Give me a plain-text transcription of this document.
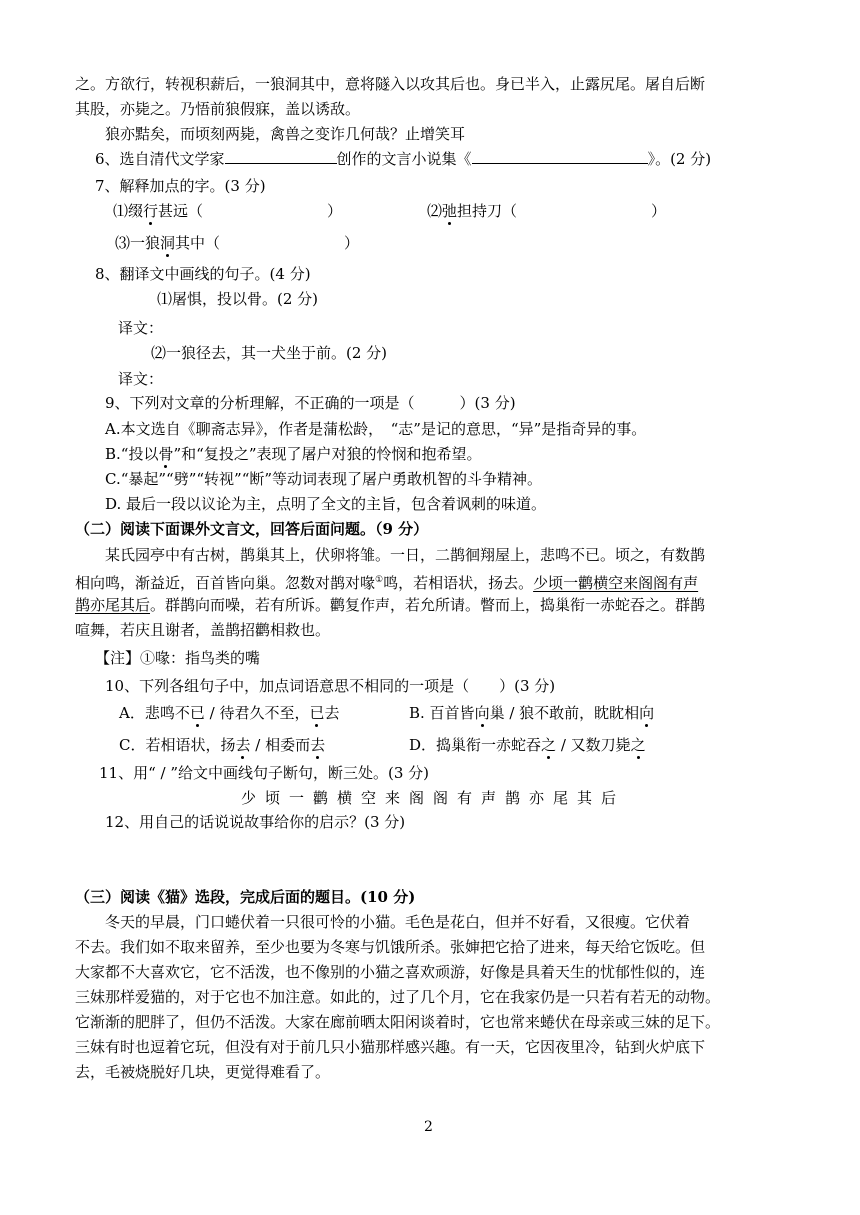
之。方欲行，转视积薪后，一狼洞其中，意将隧入以攻其后也。身已半入，止露尻尾。屠自后断
其股，亦毙之。乃悟前狼假寐，盖以诱敌。
狼亦黠矣，而顷刻两毙，禽兽之变诈几何哉？止增笑耳
6、选自清代文学家	创作的文言小说集《	》。(2 分)
7、解释加点的字。(3 分)
⑴缀行甚远（	）	⑵弛担持刀（	）
⑶一狼洞其中（	）
8、翻译文中画线的句子。(4 分)
⑴屠惧，投以骨。(2 分)
译文：
⑵一狼径去，其一犬坐于前。(2 分)
译文：
9、下列对文章的分析理解，不正确的一项是（　　　）(3 分)
A.本文选自《聊斋志异》，作者是蒲松龄，　“志”是记的意思，“异”是指奇异的事。
B.“投以骨”和“复投之”表现了屠户对狼的怜悯和抱希望。
C.“暴起”“劈”“转视”“断”等动词表现了屠户勇敢机智的斗争精神。
D. 最后一段以议论为主，点明了全文的主旨，包含着讽刺的味道。
（二）阅读下面课外文言文，回答后面问题。（9 分）
某氏园亭中有古树，鹊巢其上，伏卵将雏。一日，二鹊徊翔屋上，悲鸣不已。顷之，有数鹊
相向鸣，渐益近，百首皆向巢。忽数对鹊对喙①鸣，若相语状，扬去。少顷一鹳横空来阁阁有声
鹊亦尾其后。群鹊向而噪，若有所诉。鹳复作声，若允所请。瞥而上，捣巢衔一赤蛇吞之。群鹊
喧舞，若庆且谢者，盖鹊招鹳相救也。
【注】①喙：指鸟类的嘴
10、下列各组句子中，加点词语意思不相同的一项是（　　）(3 分)
A．悲鸣不已 / 待君久不至，已去	B. 百首皆向巢 / 狼不敢前，眈眈相向
C．若相语状，扬去 / 相委而去	D．捣巢衔一赤蛇吞之 / 又数刀毙之
11、用“ / ”给文中画线句子断句，断三处。(3 分)
少顷一鹳横空来阁阁有声鹊亦尾其后
12、用自己的话说说故事给你的启示？(3 分)
（三）阅读《猫》选段，完成后面的题目。(10 分)
冬天的早晨，门口蜷伏着一只很可怜的小猫。毛色是花白，但并不好看，又很瘦。它伏着
不去。我们如不取来留养，至少也要为冬寒与饥饿所杀。张婶把它拾了进来，每天给它饭吃。但
大家都不大喜欢它，它不活泼，也不像别的小猫之喜欢顽游，好像是具着天生的忧郁性似的，连
三妹那样爱猫的，对于它也不加注意。如此的，过了几个月，它在我家仍是一只若有若无的动物。
它渐渐的肥胖了，但仍不活泼。大家在廊前晒太阳闲谈着时，它也常来蜷伏在母亲或三妹的足下。
三妹有时也逗着它玩，但没有对于前几只小猫那样感兴趣。有一天，它因夜里冷，钻到火炉底下
去，毛被烧脱好几块，更觉得难看了。
2
